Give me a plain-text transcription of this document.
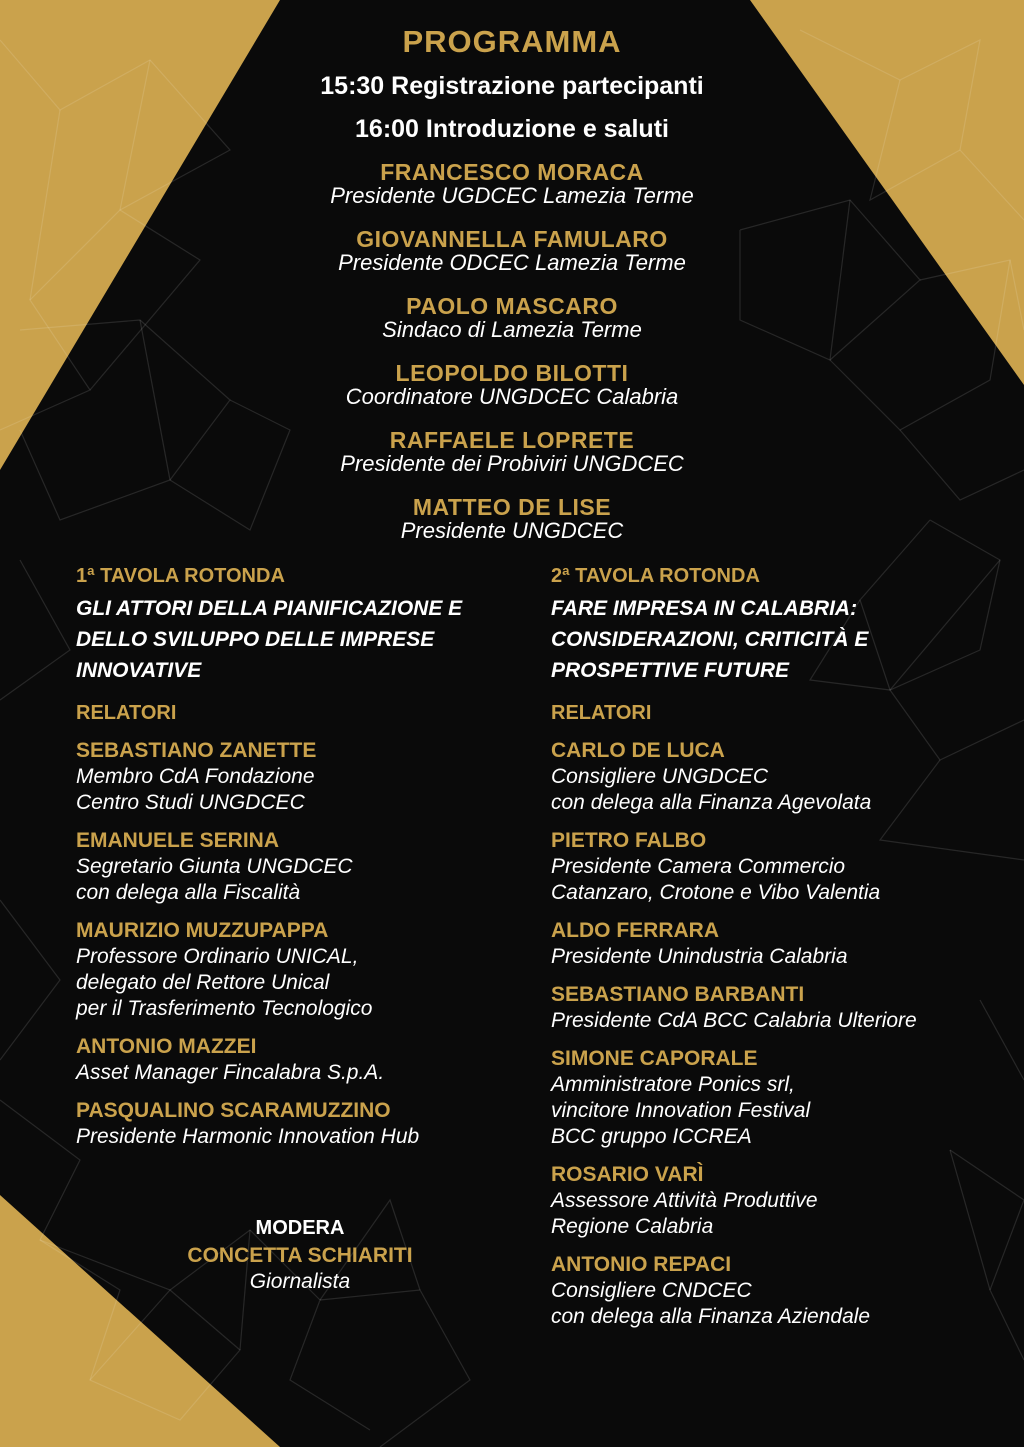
PROGRAMMA
15:30 Registrazione partecipanti
16:00 Introduzione e saluti
FRANCESCO MORACA
Presidente UGDCEC Lamezia Terme
GIOVANNELLA FAMULARO
Presidente ODCEC Lamezia Terme
PAOLO MASCARO
Sindaco di Lamezia Terme
LEOPOLDO BILOTTI
Coordinatore UNGDCEC Calabria
RAFFAELE LOPRETE
Presidente dei Probiviri UNGDCEC
MATTEO DE LISE
Presidente UNGDCEC
1ª TAVOLA ROTONDA
GLI ATTORI DELLA PIANIFICAZIONE E
DELLO SVILUPPO DELLE IMPRESE
INNOVATIVE
RELATORI
SEBASTIANO ZANETTE
Membro CdA Fondazione
Centro Studi UNGDCEC
EMANUELE SERINA
Segretario Giunta UNGDCEC
con delega alla Fiscalità
MAURIZIO MUZZUPAPPA
Professore Ordinario UNICAL,
delegato del Rettore Unical
per il Trasferimento Tecnologico
ANTONIO MAZZEI
Asset Manager Fincalabra S.p.A.
PASQUALINO SCARAMUZZINO
Presidente Harmonic Innovation Hub
2ª TAVOLA ROTONDA
FARE IMPRESA IN CALABRIA:
CONSIDERAZIONI, CRITICITÀ E
PROSPETTIVE FUTURE
RELATORI
CARLO DE LUCA
Consigliere UNGDCEC
con delega alla Finanza Agevolata
PIETRO FALBO
Presidente Camera Commercio
Catanzaro, Crotone e Vibo Valentia
ALDO FERRARA
Presidente Unindustria Calabria
SEBASTIANO BARBANTI
Presidente CdA BCC Calabria Ulteriore
SIMONE CAPORALE
Amministratore Ponics srl,
vincitore Innovation Festival
BCC gruppo ICCREA
ROSARIO VARÌ
Assessore Attività Produttive
Regione Calabria
ANTONIO REPACI
Consigliere CNDCEC
con delega alla Finanza Aziendale
MODERA
CONCETTA SCHIARITI
Giornalista
